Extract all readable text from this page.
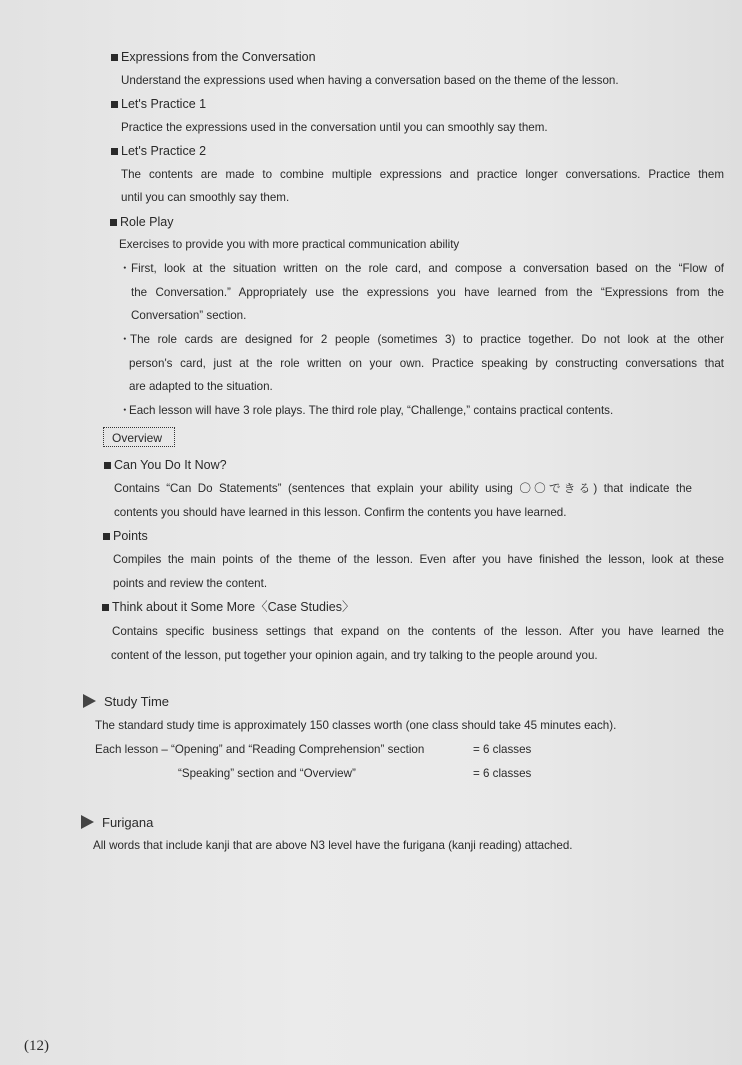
Expressions from the Conversation
Understand the expressions used when having a conversation based on the theme of the lesson.
Let's Practice 1
Practice the expressions used in the conversation until you can smoothly say them.
Let's Practice 2
The contents are made to combine multiple expressions and practice longer conversations. Practice them
until you can smoothly say them.
Role Play
Exercises to provide you with more practical communication ability
・ First, look at the situation written on the role card, and compose a conversation based on the “Flow of
the Conversation.” Appropriately use the expressions you have learned from the “Expressions from the
Conversation” section.
・ The role cards are designed for 2 people (sometimes 3) to practice together. Do not look at the other
person's card, just at the role written on your own. Practice speaking by constructing conversations that
are adapted to the situation.
・
Each lesson will have 3 role plays. The third role play, “Challenge,” contains practical contents.
Overview
Can You Do It Now?
Contains “Can Do Statements” (sentences that explain your ability using 〇〇できる) that indicate the
contents you should have learned in this lesson. Confirm the contents you have learned.
Points
Compiles the main points of the theme of the lesson. Even after you have finished the lesson, look at these
points and review the content.
Think about it Some More〈Case Studies〉
Contains specific business settings that expand on the contents of the lesson. After you have learned the
content of the lesson, put together your opinion again, and try talking to the people around you.
Study Time
The standard study time is approximately 150 classes worth (one class should take 45 minutes each).
Each lesson – “Opening” and “Reading Comprehension” section	= 6 classes
“Speaking” section and “Overview”	= 6 classes
Furigana
All words that include kanji that are above N3 level have the furigana (kanji reading) attached.
(12)
